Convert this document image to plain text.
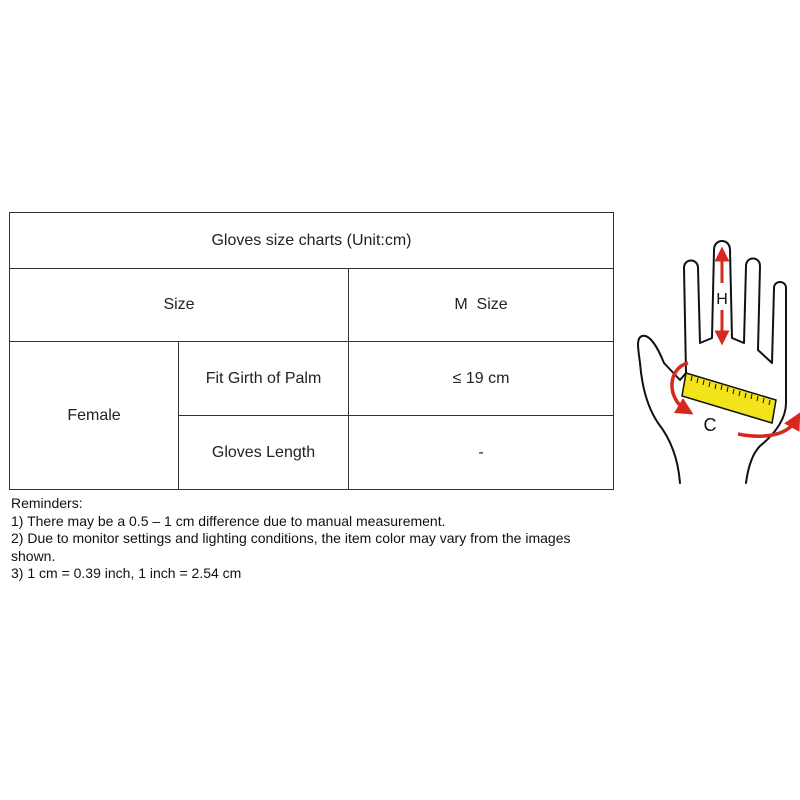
Gloves size charts (Unit:cm)		
Size		M  Size
Female	Fit Girth of Palm	≤ 19 cm
	Gloves Length	-
Reminders:
1) There may be a 0.5 – 1 cm difference due to manual measurement.
2) Due to monitor settings and lighting conditions, the item color may vary from the images shown.
3) 1 cm = 0.39 inch, 1 inch = 2.54 cm
H
C
